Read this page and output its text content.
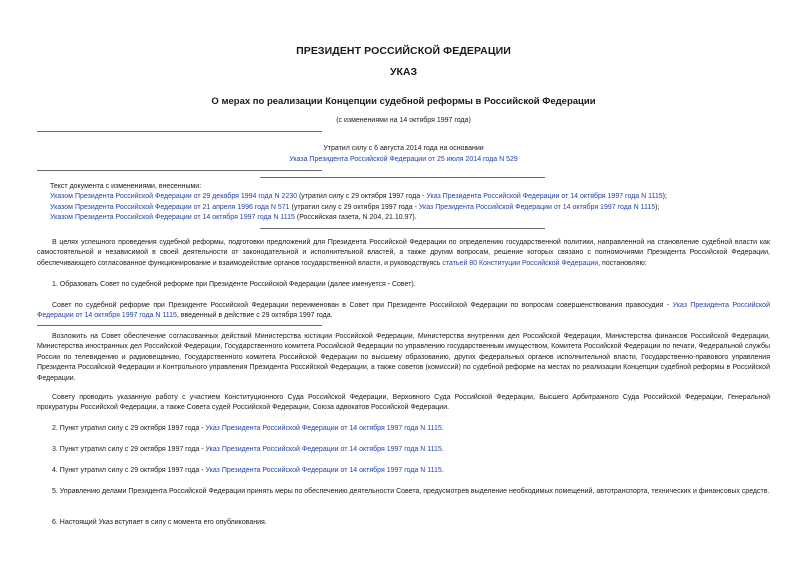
ПРЕЗИДЕНТ РОССИЙСКОЙ ФЕДЕРАЦИИ
УКАЗ
О мерах по реализации Концепции судебной реформы в Российской Федерации
(с изменениями на 14 октября 1997 года)
Утратил силу с 6 августа 2014 года на основании
Указа Президента Российской Федерации от 25 июля 2014 года N 529
Текст документа с изменениями, внесенными:
Указом Президента Российской Федерации от 29 декабря 1994 года N 2230 (утратил силу с 29 октября 1997 года - Указ Президента Российской Федерации от 14 октября 1997 года N 1115);
Указом Президента Российской Федерации от 21 апреля 1996 года N 571 (утратил силу с 29 октября 1997 года - Указ Президента Российской Федерации от 14 октября 1997 года N 1115);
Указом Президента Российской Федерации от 14 октября 1997 года N 1115 (Российская газета, N 204, 21.10.97).
В целях успешного проведения судебной реформы, подготовки предложений для Президента Российской Федерации по определению государственной политики, направленной на становление судебной власти как самостоятельной и независимой в своей деятельности от законодательной и исполнительной властей, а также другим вопросам, решение которых связано с полномочиями Президента Российской Федерации, обеспечивающего согласованное функционирование и взаимодействие органов государственной власти, и руководствуясь статьей 80 Конституции Российской Федерации, постановляю:
1. Образовать Совет по судебной реформе при Президенте Российской Федерации (далее именуется - Совет).
Совет по судебной реформе при Президенте Российской Федерации переименован в Совет при Президенте Российской Федерации по вопросам совершенствования правосудия - Указ Президента Российской Федерации от 14 октября 1997 года N 1115, введенный в действие с 29 октября 1997 года.
Возложить на Совет обеспечение согласованных действий Министерства юстиции Российской Федерации, Министерства внутренних дел Российской Федерации, Министерства финансов Российской Федерации, Министерства иностранных дел Российской Федерации, Государственного комитета Российской Федерации по управлению государственным имуществом, Комитета Российской Федерации по печати, Федеральной службы России по телевидению и радиовещанию, Государственного комитета Российской Федерации по высшему образованию, других федеральных органов исполнительной власти, Государственно-правового управления Президента Российской Федерации и Контрольного управления Президента Российской Федерации, а также советов (комиссий) по судебной реформе на местах по реализации Концепции судебной реформы в Российской Федерации.
Совету проводить указанную работу с участием Конституционного Суда Российской Федерации, Верховного Суда Российской Федерации, Высшего Арбитражного Суда Российской Федерации, Генеральной прокуратуры Российской Федерации, а также Совета судей Российской Федерации, Союза адвокатов Российской Федерации.
2. Пункт утратил силу с 29 октября 1997 года - Указ Президента Российской Федерации от 14 октября 1997 года N 1115.
3. Пункт утратил силу с 29 октября 1997 года - Указ Президента Российской Федерации от 14 октября 1997 года N 1115.
4. Пункт утратил силу с 29 октября 1997 года - Указ Президента Российской Федерации от 14 октября 1997 года N 1115.
5. Управлению делами Президента Российской Федерации принять меры по обеспечению деятельности Совета, предусмотрев выделение необходимых помещений, автотранспорта, технических и финансовых средств.
6. Настоящий Указ вступает в силу с момента его опубликования.
